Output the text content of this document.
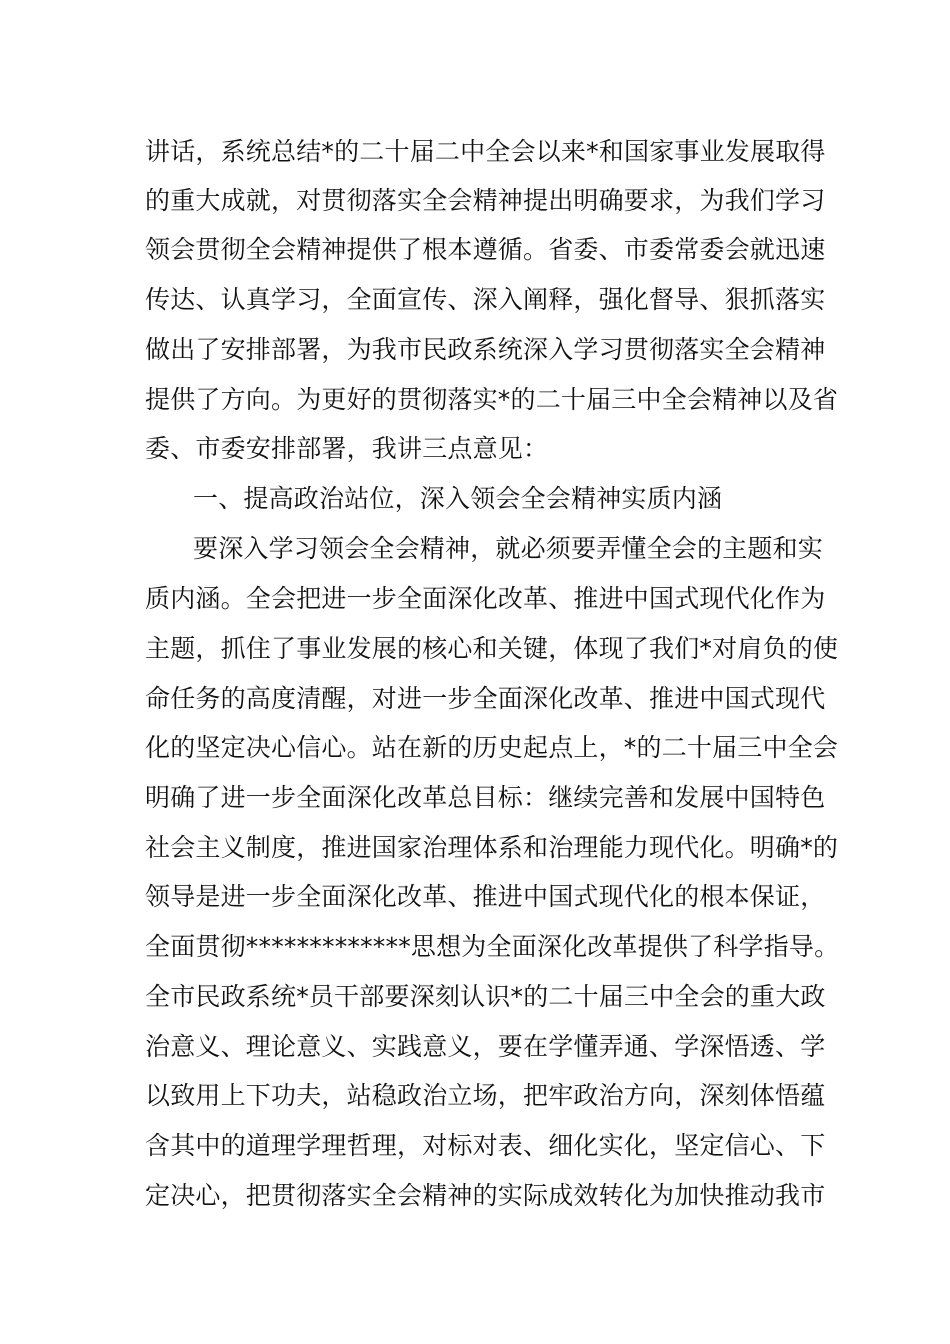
讲话，系统总结*的二十届二中全会以来*和国家事业发展取得
的重大成就，对贯彻落实全会精神提出明确要求，为我们学习
领会贯彻全会精神提供了根本遵循。省委、市委常委会就迅速
传达、认真学习，全面宣传、深入阐释，强化督导、狠抓落实
做出了安排部署，为我市民政系统深入学习贯彻落实全会精神
提供了方向。为更好的贯彻落实*的二十届三中全会精神以及省
委、市委安排部署，我讲三点意见：
一、提高政治站位，深入领会全会精神实质内涵
要深入学习领会全会精神，就必须要弄懂全会的主题和实
质内涵。全会把进一步全面深化改革、推进中国式现代化作为
主题，抓住了事业发展的核心和关键，体现了我们*对肩负的使
命任务的高度清醒，对进一步全面深化改革、推进中国式现代
化的坚定决心信心。站在新的历史起点上，*的二十届三中全会
明确了进一步全面深化改革总目标：继续完善和发展中国特色
社会主义制度，推进国家治理体系和治理能力现代化。明确*的
领导是进一步全面深化改革、推进中国式现代化的根本保证，
全面贯彻*************思想为全面深化改革提供了科学指导。
全市民政系统*员干部要深刻认识*的二十届三中全会的重大政
治意义、理论意义、实践意义，要在学懂弄通、学深悟透、学
以致用上下功夫，站稳政治立场，把牢政治方向，深刻体悟蕴
含其中的道理学理哲理，对标对表、细化实化，坚定信心、下
定决心，把贯彻落实全会精神的实际成效转化为加快推动我市
